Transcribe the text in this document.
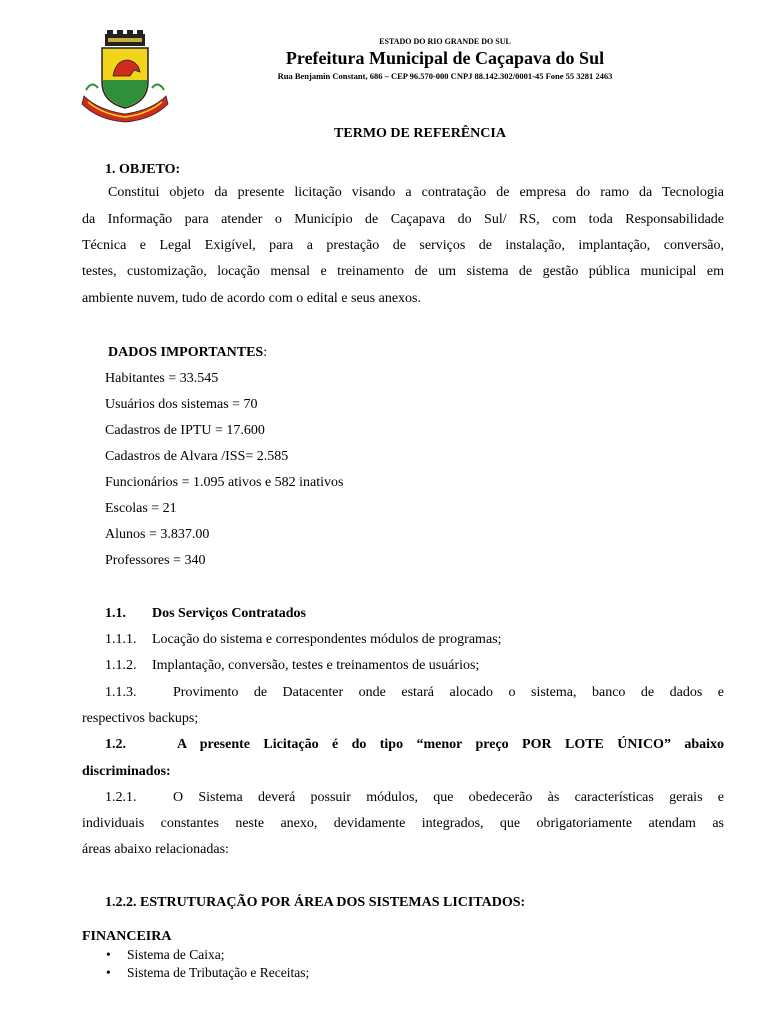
ESTADO DO RIO GRANDE DO SUL
Prefeitura Municipal de Caçapava do Sul
Rua Benjamin Constant, 686 – CEP 96.570-000 CNPJ 88.142.302/0001-45 Fone 55 3281 2463
TERMO DE REFERÊNCIA
1. OBJETO:
Constitui objeto da presente licitação visando a contratação de empresa do ramo da Tecnologia
da Informação para atender o Município de Caçapava do Sul/ RS, com toda Responsabilidade
Técnica e Legal Exigível, para a prestação de serviços de instalação, implantação, conversão,
testes, customização, locação mensal e treinamento de um sistema de gestão pública municipal em
ambiente nuvem, tudo de acordo com o edital e seus anexos.
DADOS IMPORTANTES:
Habitantes = 33.545
Usuários dos sistemas = 70
Cadastros de IPTU = 17.600
Cadastros de Alvara /ISS= 2.585
Funcionários = 1.095 ativos e 582 inativos
Escolas = 21
Alunos = 3.837.00
Professores = 340
1.1. Dos Serviços Contratados
1.1.1. Locação do sistema e correspondentes módulos de programas;
1.1.2. Implantação, conversão, testes e treinamentos de usuários;
1.1.3.	Provimento de Datacenter onde estará alocado o sistema, banco de dados e
respectivos backups;
1.2.	A presente Licitação é do tipo “menor preço POR LOTE ÚNICO” abaixo
discriminados:
1.2.1.	O Sistema deverá possuir módulos, que obedecerão às características gerais e
individuais constantes neste anexo, devidamente integrados, que obrigatoriamente atendam as
áreas abaixo relacionadas:
1.2.2. ESTRUTURAÇÃO POR ÁREA DOS SISTEMAS LICITADOS:
FINANCEIRA
• Sistema de Caixa;
• Sistema de Tributação e Receitas;
